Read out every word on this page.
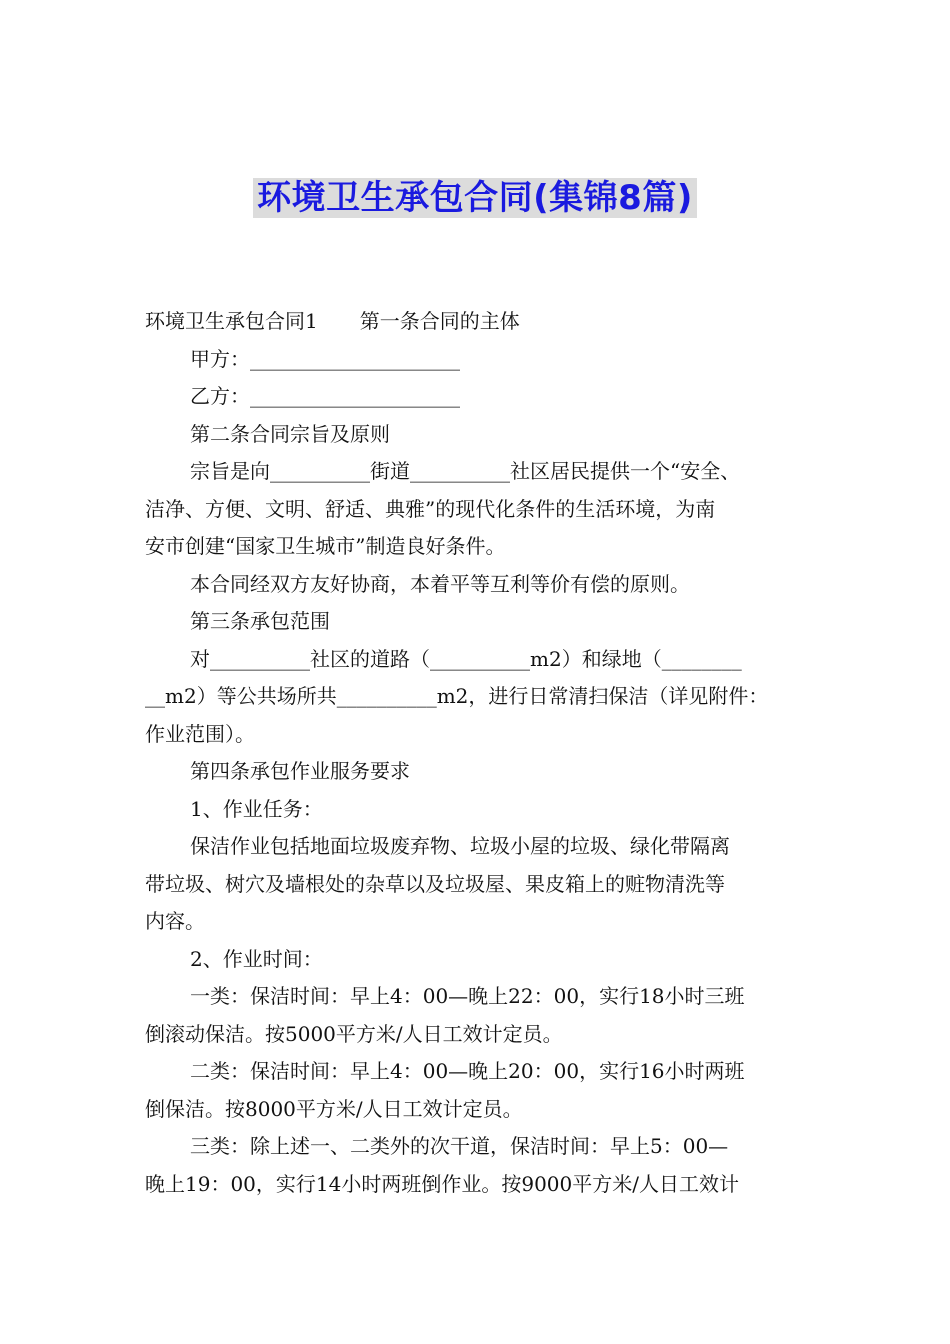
环境卫生承包合同(集锦8篇)
环境卫生承包合同1 第一条合同的主体
甲方：_____________________
乙方：_____________________
第二条合同宗旨及原则
宗旨是向__________街道__________社区居民提供一个“安全、
洁净、方便、文明、舒适、典雅”的现代化条件的生活环境，为南
安市创建“国家卫生城市”制造良好条件。
本合同经双方友好协商，本着平等互利等价有偿的原则。
第三条承包范围
对__________社区的道路（__________m2）和绿地（________
__m2）等公共场所共__________m2，进行日常清扫保洁（详见附件：
作业范围）。
第四条承包作业服务要求
1、作业任务：
保洁作业包括地面垃圾废弃物、垃圾小屋的垃圾、绿化带隔离
带垃圾、树穴及墙根处的杂草以及垃圾屋、果皮箱上的赃物清洗等
内容。
2、作业时间：
一类：保洁时间：早上4：00—晚上22：00，实行18小时三班
倒滚动保洁。按5000平方米/人日工效计定员。
二类：保洁时间：早上4：00—晚上20：00，实行16小时两班
倒保洁。按8000平方米/人日工效计定员。
三类：除上述一、二类外的次干道，保洁时间：早上5：00—
晚上19：00，实行14小时两班倒作业。按9000平方米/人日工效计
